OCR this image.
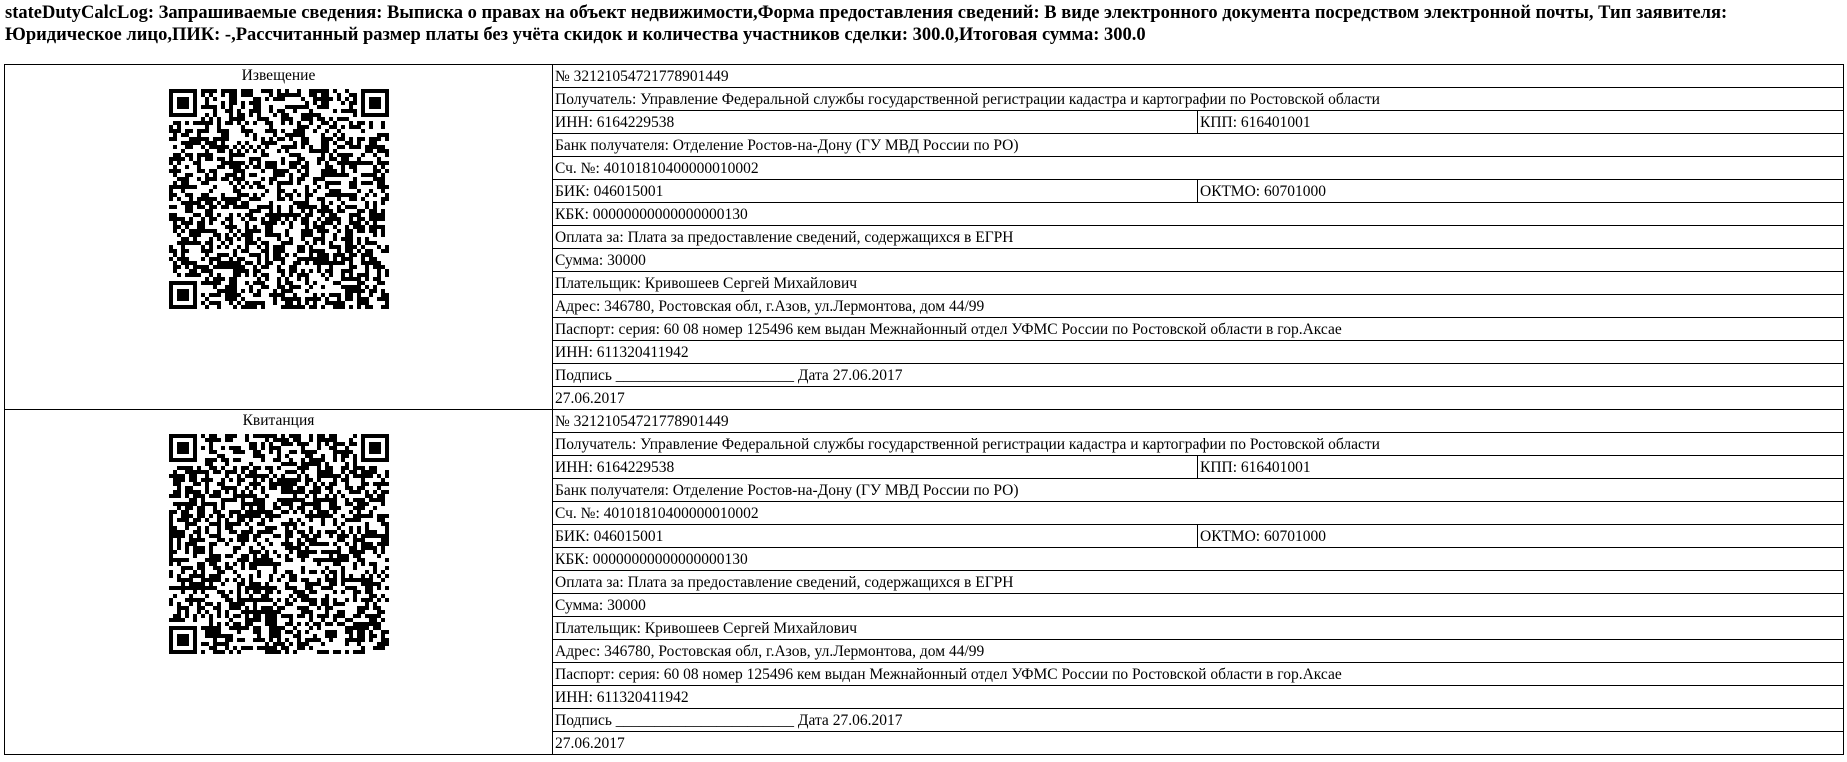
stateDutyCalcLog: Запрашиваемые сведения: Выписка о правах на объект недвижимости,Форма предоставления сведений: В виде электронного документа посредством электронной почты, Тип заявителя: Юридическое лицо,ПИК: -,Рассчитанный размер платы без учёта скидок и количества участников сделки: 300.0,Итоговая сумма: 300.0
Извещение	№ 32121054721778901449	
	Получатель: Управление Федеральной службы государственной регистрации кадастра и картографии по Ростовской области	
	ИНН: 6164229538	КПП: 616401001
	Банк получателя: Отделение Ростов-на-Дону (ГУ МВД России по РО)	
	Сч. №: 40101810400000010002	
	БИК: 046015001	ОКТМО: 60701000
	КБК: 00000000000000000130	
	Оплата за: Плата за предоставление сведений, содержащихся в ЕГРН	
	Сумма: 30000	
	Плательщик: Кривошеев Сергей Михайлович	
	Адрес: 346780, Ростовская обл, г.Азов, ул.Лермонтова, дом 44/99	
	Паспорт: серия: 60 08 номер 125496 кем выдан Межнайонный отдел УФМС России по Ростовской области в гор.Аксае	
	ИНН: 611320411942	
	Подпись _______________________ Дата 27.06.2017	
	27.06.2017	

Квитанция	№ 32121054721778901449	
	Получатель: Управление Федеральной службы государственной регистрации кадастра и картографии по Ростовской области	
	ИНН: 6164229538	КПП: 616401001
	Банк получателя: Отделение Ростов-на-Дону (ГУ МВД России по РО)	
	Сч. №: 40101810400000010002	
	БИК: 046015001	ОКТМО: 60701000
	КБК: 00000000000000000130	
	Оплата за: Плата за предоставление сведений, содержащихся в ЕГРН	
	Сумма: 30000	
	Плательщик: Кривошеев Сергей Михайлович	
	Адрес: 346780, Ростовская обл, г.Азов, ул.Лермонтова, дом 44/99	
	Паспорт: серия: 60 08 номер 125496 кем выдан Межнайонный отдел УФМС России по Ростовской области в гор.Аксае	
	ИНН: 611320411942	
	Подпись _______________________ Дата 27.06.2017	
	27.06.2017	
